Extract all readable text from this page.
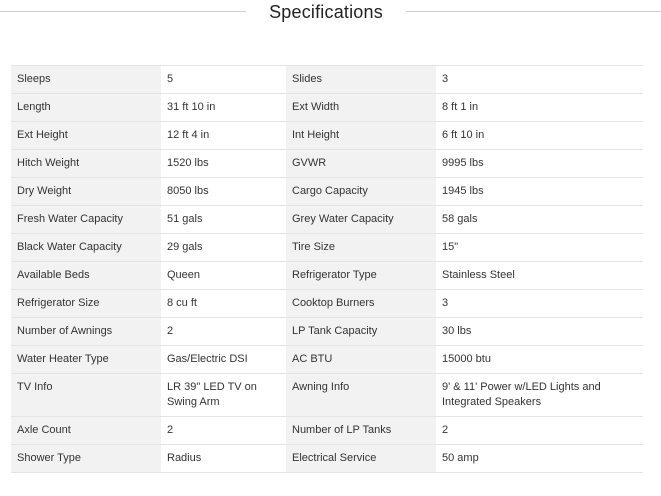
Specifications
Sleeps	5	Slides	3
Length	31 ft 10 in	Ext Width	8 ft 1 in
Ext Height	12 ft 4 in	Int Height	6 ft 10 in
Hitch Weight	1520 lbs	GVWR	9995 lbs
Dry Weight	8050 lbs	Cargo Capacity	1945 lbs
Fresh Water Capacity	51 gals	Grey Water Capacity	58 gals
Black Water Capacity	29 gals	Tire Size	15"
Available Beds	Queen	Refrigerator Type	Stainless Steel
Refrigerator Size	8 cu ft	Cooktop Burners	3
Number of Awnings	2	LP Tank Capacity	30 lbs
Water Heater Type	Gas/Electric DSI	AC BTU	15000 btu
TV Info	LR 39" LED TV on Swing Arm	Awning Info	9' & 11' Power w/LED Lights and Integrated Speakers
Axle Count	2	Number of LP Tanks	2
Shower Type	Radius	Electrical Service	50 amp
